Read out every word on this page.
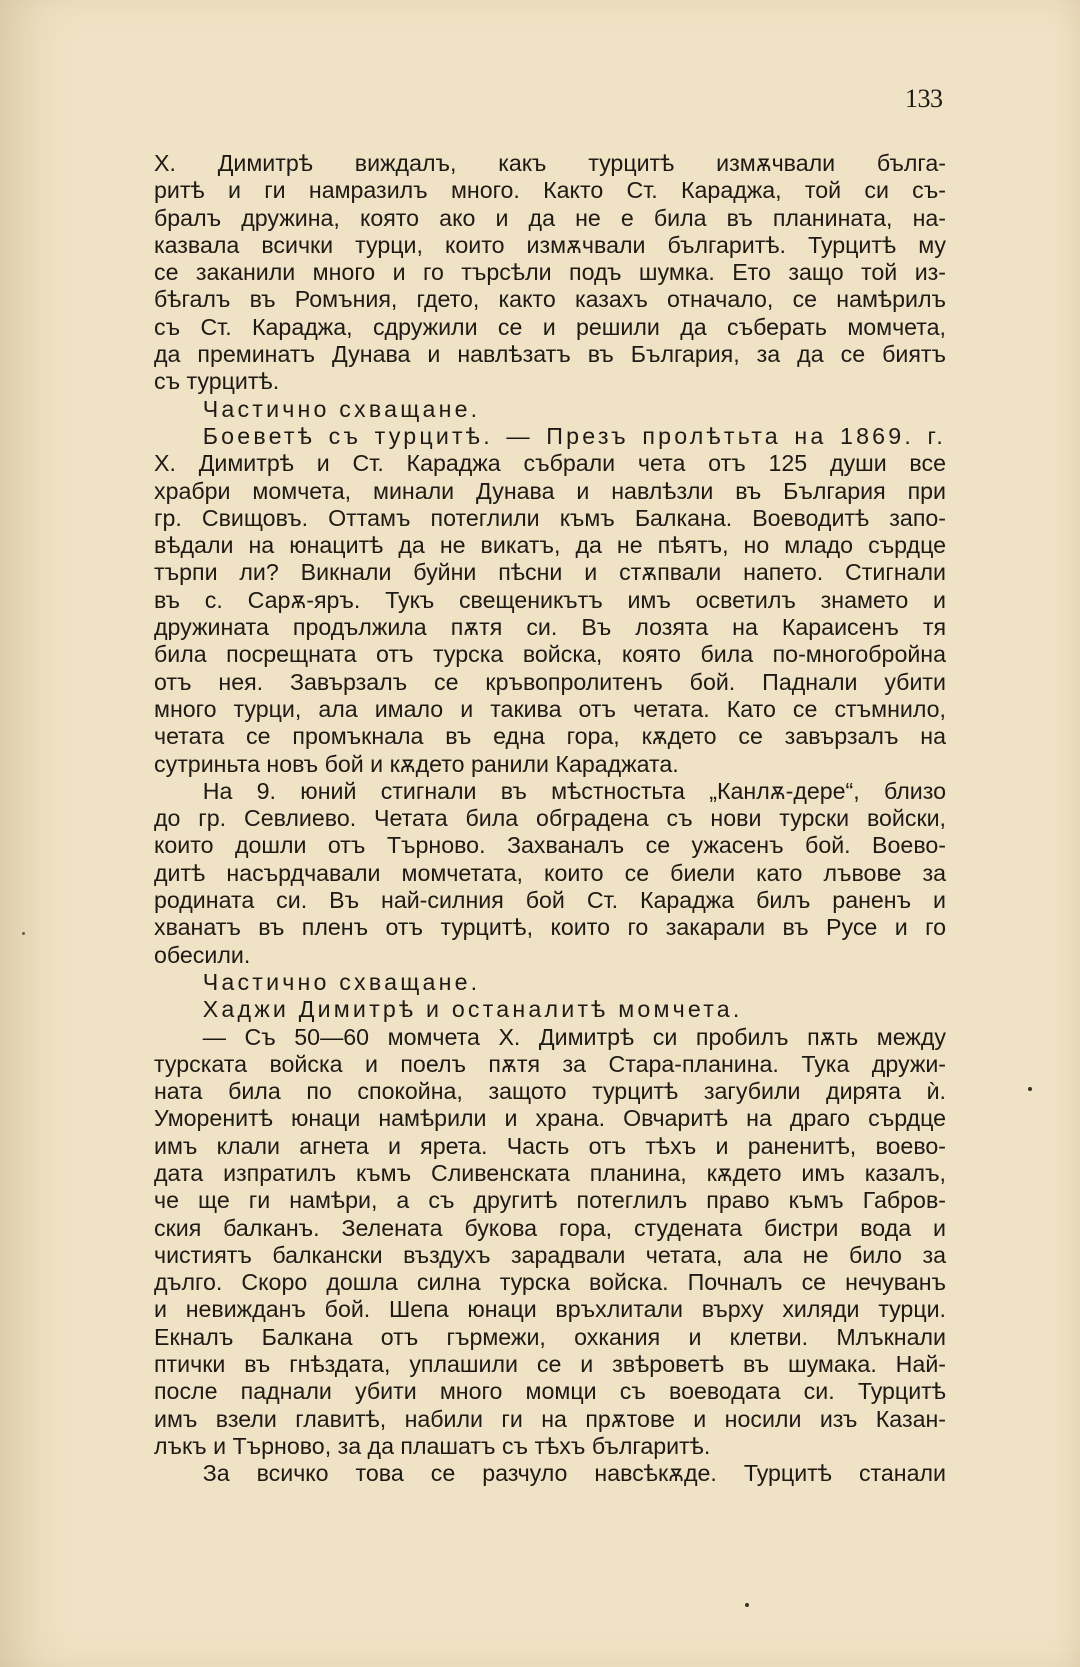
133
Х. Димитрѣ виждалъ, какъ турцитѣ измѫчвали бълга-
ритѣ и ги намразилъ много. Както Ст. Караджа, той си съ-
бралъ дружина, която ако и да не е била въ планината, на-
казвала всички турци, които измѫчвали българитѣ. Турцитѣ му
се заканили много и го търсѣли подъ шумка. Ето защо той из-
бѣгалъ въ Ромъния, гдето, както казахъ отначало, се намѣрилъ
съ Ст. Караджа, сдружили се и решили да съберать момчета,
да преминатъ Дунава и навлѣзатъ въ България, за да се биятъ
съ турцитѣ.
Частично схващане.
Боеветѣ съ турцитѣ. — Презъ пролѣтьта на 1869. г.
Х. Димитрѣ и Ст. Караджа събрали чета отъ 125 души все
храбри момчета, минали Дунава и навлѣзли въ България при
гр. Свищовъ. Оттамъ потеглили къмъ Балкана. Воеводитѣ запо-
вѣдали на юнацитѣ да не викатъ, да не пѣятъ, но младо сърдце
търпи ли? Викнали буйни пѣсни и стѫпвали напето. Стигнали
въ с. Сарѫ-яръ. Тукъ свещеникътъ имъ осветилъ знамето и
дружината продължила пѫтя си. Въ лозята на Караисенъ тя
била посрещната отъ турска войска, която била по-многобройна
отъ нея. Завързалъ се кръвопролитенъ бой. Паднали убити
много турци, ала имало и такива отъ четата. Като се стъмнило,
четата се промъкнала въ една гора, кѫдето се завързалъ на
сутриньта новъ бой и кѫдето ранили Караджата.
На 9. юний стигнали въ мѣстностьта „Канлѫ-дере“, близо
до гр. Севлиево. Четата била обградена съ нови турски войски,
които дошли отъ Търново. Захваналъ се ужасенъ бой. Воево-
дитѣ насърдчавали момчетата, които се биели като лъвове за
родината си. Въ най-силния бой Ст. Караджа билъ раненъ и
хванатъ въ пленъ отъ турцитѣ, които го закарали въ Русе и го
обесили.
Частично схващане.
Хаджи Димитрѣ и останалитѣ момчета.
— Съ 50—60 момчета Х. Димитрѣ си пробилъ пѫть между
турската войска и поелъ пѫтя за Стара-планина. Тука дружи-
ната била по спокойна, защото турцитѣ загубили дирята ѝ.
Уморенитѣ юнаци намѣрили и храна. Овчаритѣ на драго сърдце
имъ клали агнета и ярета. Часть отъ тѣхъ и раненитѣ, воево-
дата изпратилъ къмъ Сливенската планина, кѫдето имъ казалъ,
че ще ги намѣри, а съ другитѣ потеглилъ право къмъ Габров-
ския балканъ. Зелената букова гора, студената бистри вода и
чистиятъ балкански въздухъ зарадвали четата, ала не било за
дълго. Скоро дошла силна турска войска. Почналъ се нечуванъ
и невижданъ бой. Шепа юнаци връхлитали върху хиляди турци.
Екналъ Балкана отъ гърмежи, охкания и клетви. Млъкнали
птички въ гнѣздата, уплашили се и звѣроветѣ въ шумака. Най-
после паднали убити много момци съ воеводата си. Турцитѣ
имъ взели главитѣ, набили ги на прѫтове и носили изъ Казан-
лъкъ и Търново, за да плашатъ съ тѣхъ българитѣ.
За всичко това се разчуло навсѣкѫде. Турцитѣ станали
